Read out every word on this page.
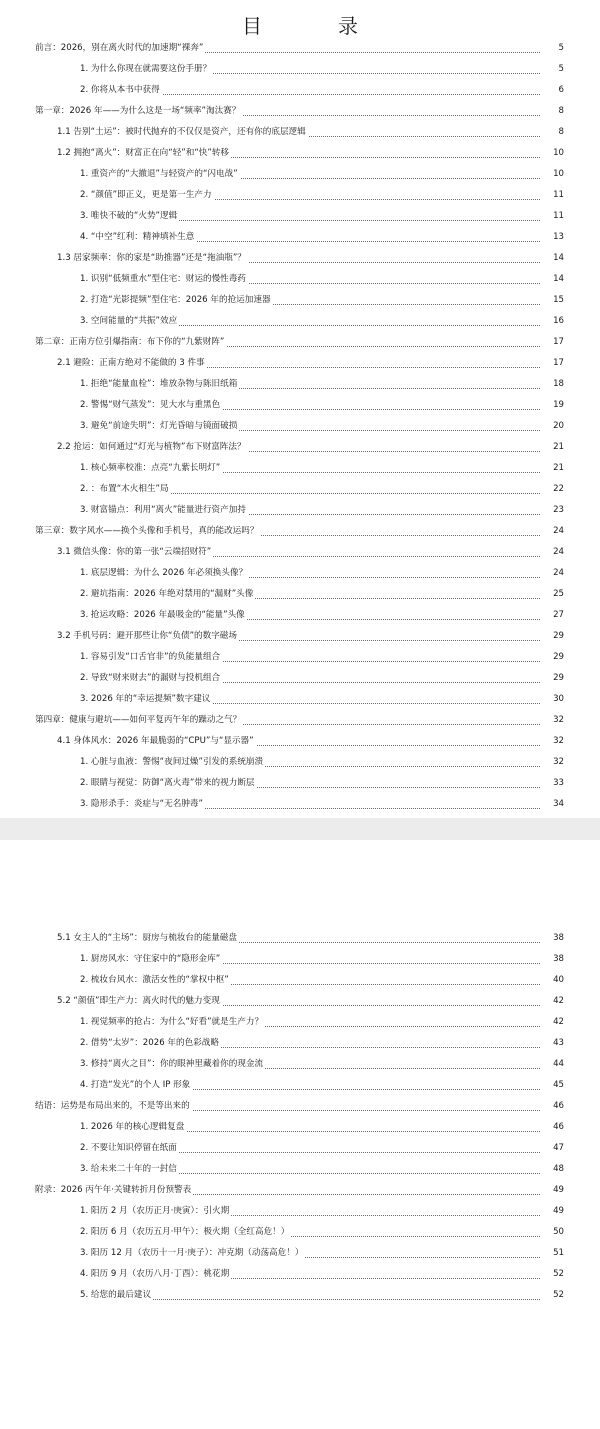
目　录
前言：2026，别在离火时代的加速期“裸奔”	5
1. 为什么你现在就需要这份手册？	5
2. 你将从本书中获得	6
第一章：2026 年——为什么这是一场“频率”淘汰赛？	8
1.1 告别“土运”：被时代抛弃的不仅仅是资产，还有你的底层逻辑	8
1.2 拥抱“离火”：财富正在向“轻”和“快”转移	10
1. 重资产的“大撤退”与轻资产的“闪电战”	10
2. “颜值”即正义，更是第一生产力	11
3. 唯快不破的“火势”逻辑	11
4. “中空”红利：精神填补生意	13
1.3 居家频率：你的家是“助推器”还是“拖油瓶”？	14
1. 识别“低频重水”型住宅：财运的慢性毒药	14
2. 打造“光影提频”型住宅：2026 年的抢运加速器	15
3. 空间能量的“共振”效应	16
第二章：正南方位引爆指南：布下你的“九紫财阵”	17
2.1 避险：正南方绝对不能做的 3 件事	17
1. 拒绝“能量血栓”：堆放杂物与陈旧纸箱	18
2. 警惕“财气蒸发”：见大水与重黑色	19
3. 避免“前途失明”：灯光昏暗与镜面破损	20
2.2 抢运：如何通过“灯光与植物”布下财富阵法？	21
1. 核心频率校准：点亮“九紫长明灯”	21
2. ：布置“木火相生”局	22
3. 财富锚点：利用“离火”能量进行资产加持	23
第三章：数字风水——换个头像和手机号，真的能改运吗？	24
3.1 微信头像：你的第一张“云端招财符”	24
1. 底层逻辑：为什么 2026 年必须换头像？	24
2. 避坑指南：2026 年绝对禁用的“漏财”头像	25
3. 抢运攻略：2026 年最吸金的“能量”头像	27
3.2 手机号码：避开那些让你“负债”的数字磁场	29
1. 容易引发“口舌官非”的负能量组合	29
2. 导致“财来财去”的漏财与投机组合	29
3. 2026 年的“幸运提频”数字建议	30
第四章：健康与避坑——如何平复丙午年的躁动之气？	32
4.1 身体风水：2026 年最脆弱的“CPU”与“显示器”	32
1. 心脏与血液：警惕“夜间过燥”引发的系统崩溃	32
2. 眼睛与视觉：防御“离火毒”带来的视力断层	33
3. 隐形杀手：炎症与“无名肿毒”	34
5.1 女主人的“主场”：厨房与梳妆台的能量磁盘	38
1. 厨房风水：守住家中的“隐形金库”	38
2. 梳妆台风水：激活女性的“掌权中枢”	40
5.2 “颜值”即生产力：离火时代的魅力变现	42
1. 视觉频率的抢占：为什么“好看”就是生产力？	42
2. 借势“太岁”：2026 年的色彩战略	43
3. 修持“离火之目”：你的眼神里藏着你的现金流	44
4. 打造“发光”的个人 IP 形象	45
结语：运势是布局出来的，不是等出来的	46
1. 2026 年的核心逻辑复盘	46
2. 不要让知识停留在纸面	47
3. 给未来二十年的一封信	48
附录：2026 丙午年·关键转折月份预警表	49
1. 阳历 2 月（农历正月·庚寅）：引火期	49
2. 阳历 6 月（农历五月·甲午）：极火期（全红高危！）	50
3. 阳历 12 月（农历十一月·庚子）：冲克期（动荡高危！）	51
4. 阳历 9 月（农历八月·丁酉）：桃花期	52
5. 给您的最后建议	52
